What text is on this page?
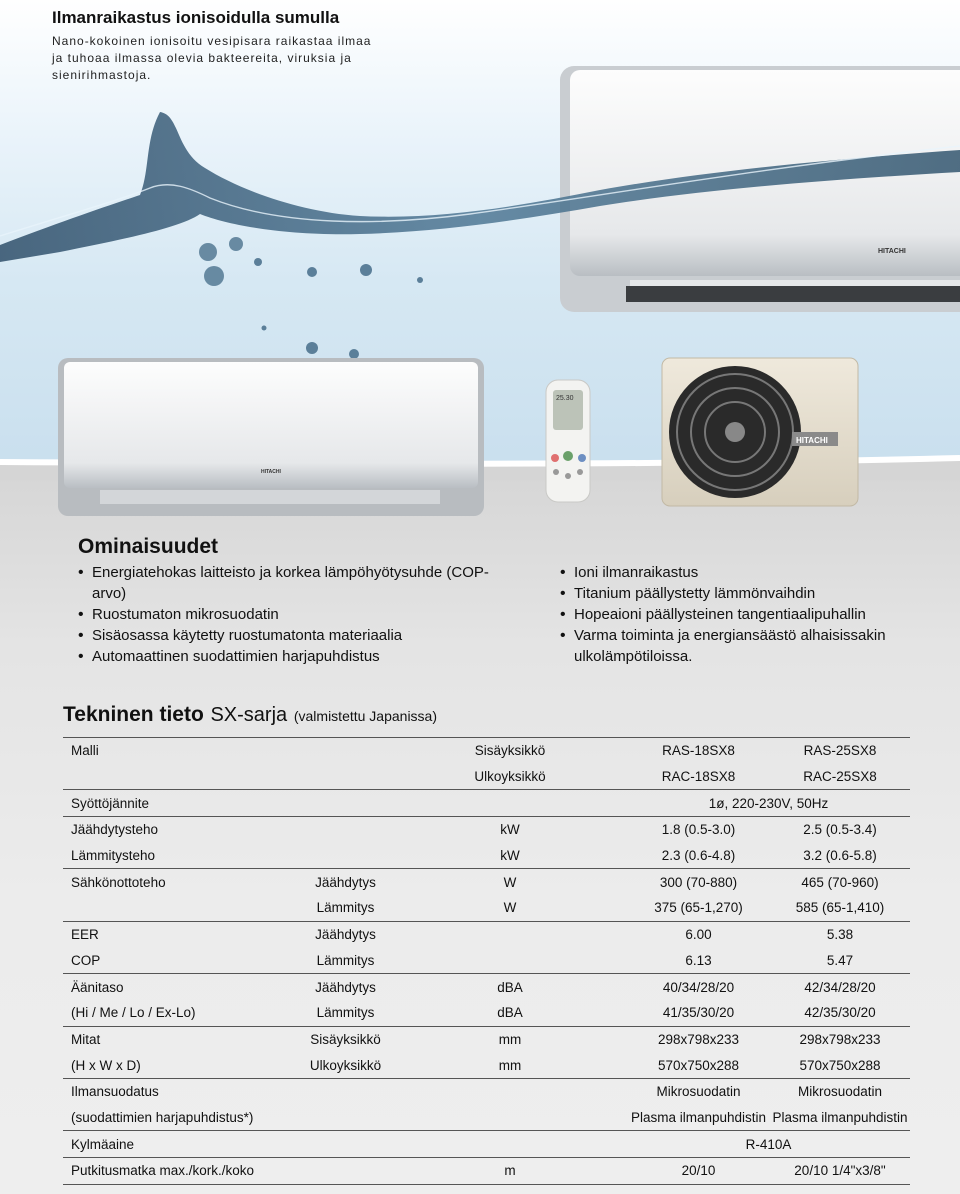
HITACHI
HITACHI
25.30
HITACHI
Ilmanraikastus ionisoidulla sumulla

Nano-kokoinen ionisoitu vesipisara raikastaa ilmaa ja tuhoaa ilmassa olevia bakteereita, viruksia ja sienirihmastoja.

Ominaisuudet
• Energiatehokas laitteisto ja korkea lämpöhyötysuhde (COP- arvo)
• Ruostumaton mikrosuodatin
• Sisäosassa käytetty ruostumatonta materiaalia
• Automaattinen suodattimien harjapuhdistus
• Ioni ilmanraikastus
• Titanium päällystetty lämmönvaihdin
• Hopeaioni päällysteinen tangentiaalipuhallin
• Varma toiminta ja energiansäästö alhaisissakin ulkolämpötiloissa.
Tekninen tieto SX-sarja (valmistettu Japanissa)
Malli		Sisäyksikkö	RAS-18SX8	RAS-25SX8
		Ulkoyksikkö	RAC-18SX8	RAC-25SX8
Syöttöjännite			1ø, 220-230V, 50Hz	
Jäähdytysteho		kW	1.8 (0.5-3.0)	2.5 (0.5-3.4)
Lämmitysteho		kW	2.3 (0.6-4.8)	3.2 (0.6-5.8)
Sähkönottoteho	Jäähdytys	W	300 (70-880)	465 (70-960)
	Lämmitys	W	375 (65-1,270)	585 (65-1,410)
EER	Jäähdytys		6.00	5.38
COP	Lämmitys		6.13	5.47
Äänitaso	Jäähdytys	dBA	40/34/28/20	42/34/28/20
(Hi / Me / Lo / Ex-Lo)	Lämmitys	dBA	41/35/30/20	42/35/30/20
Mitat	Sisäyksikkö	mm	298x798x233	298x798x233
(H x W x D)	Ulkoyksikkö	mm	570x750x288	570x750x288
Ilmansuodatus			Mikrosuodatin	Mikrosuodatin
(suodattimien harjapuhdistus*)			Plasma ilmanpuhdistin	Plasma ilmanpuhdistin
Kylmäaine			R-410A	
Putkitusmatka max./kork./koko		m	20/10	20/10 1/4"x3/8"
